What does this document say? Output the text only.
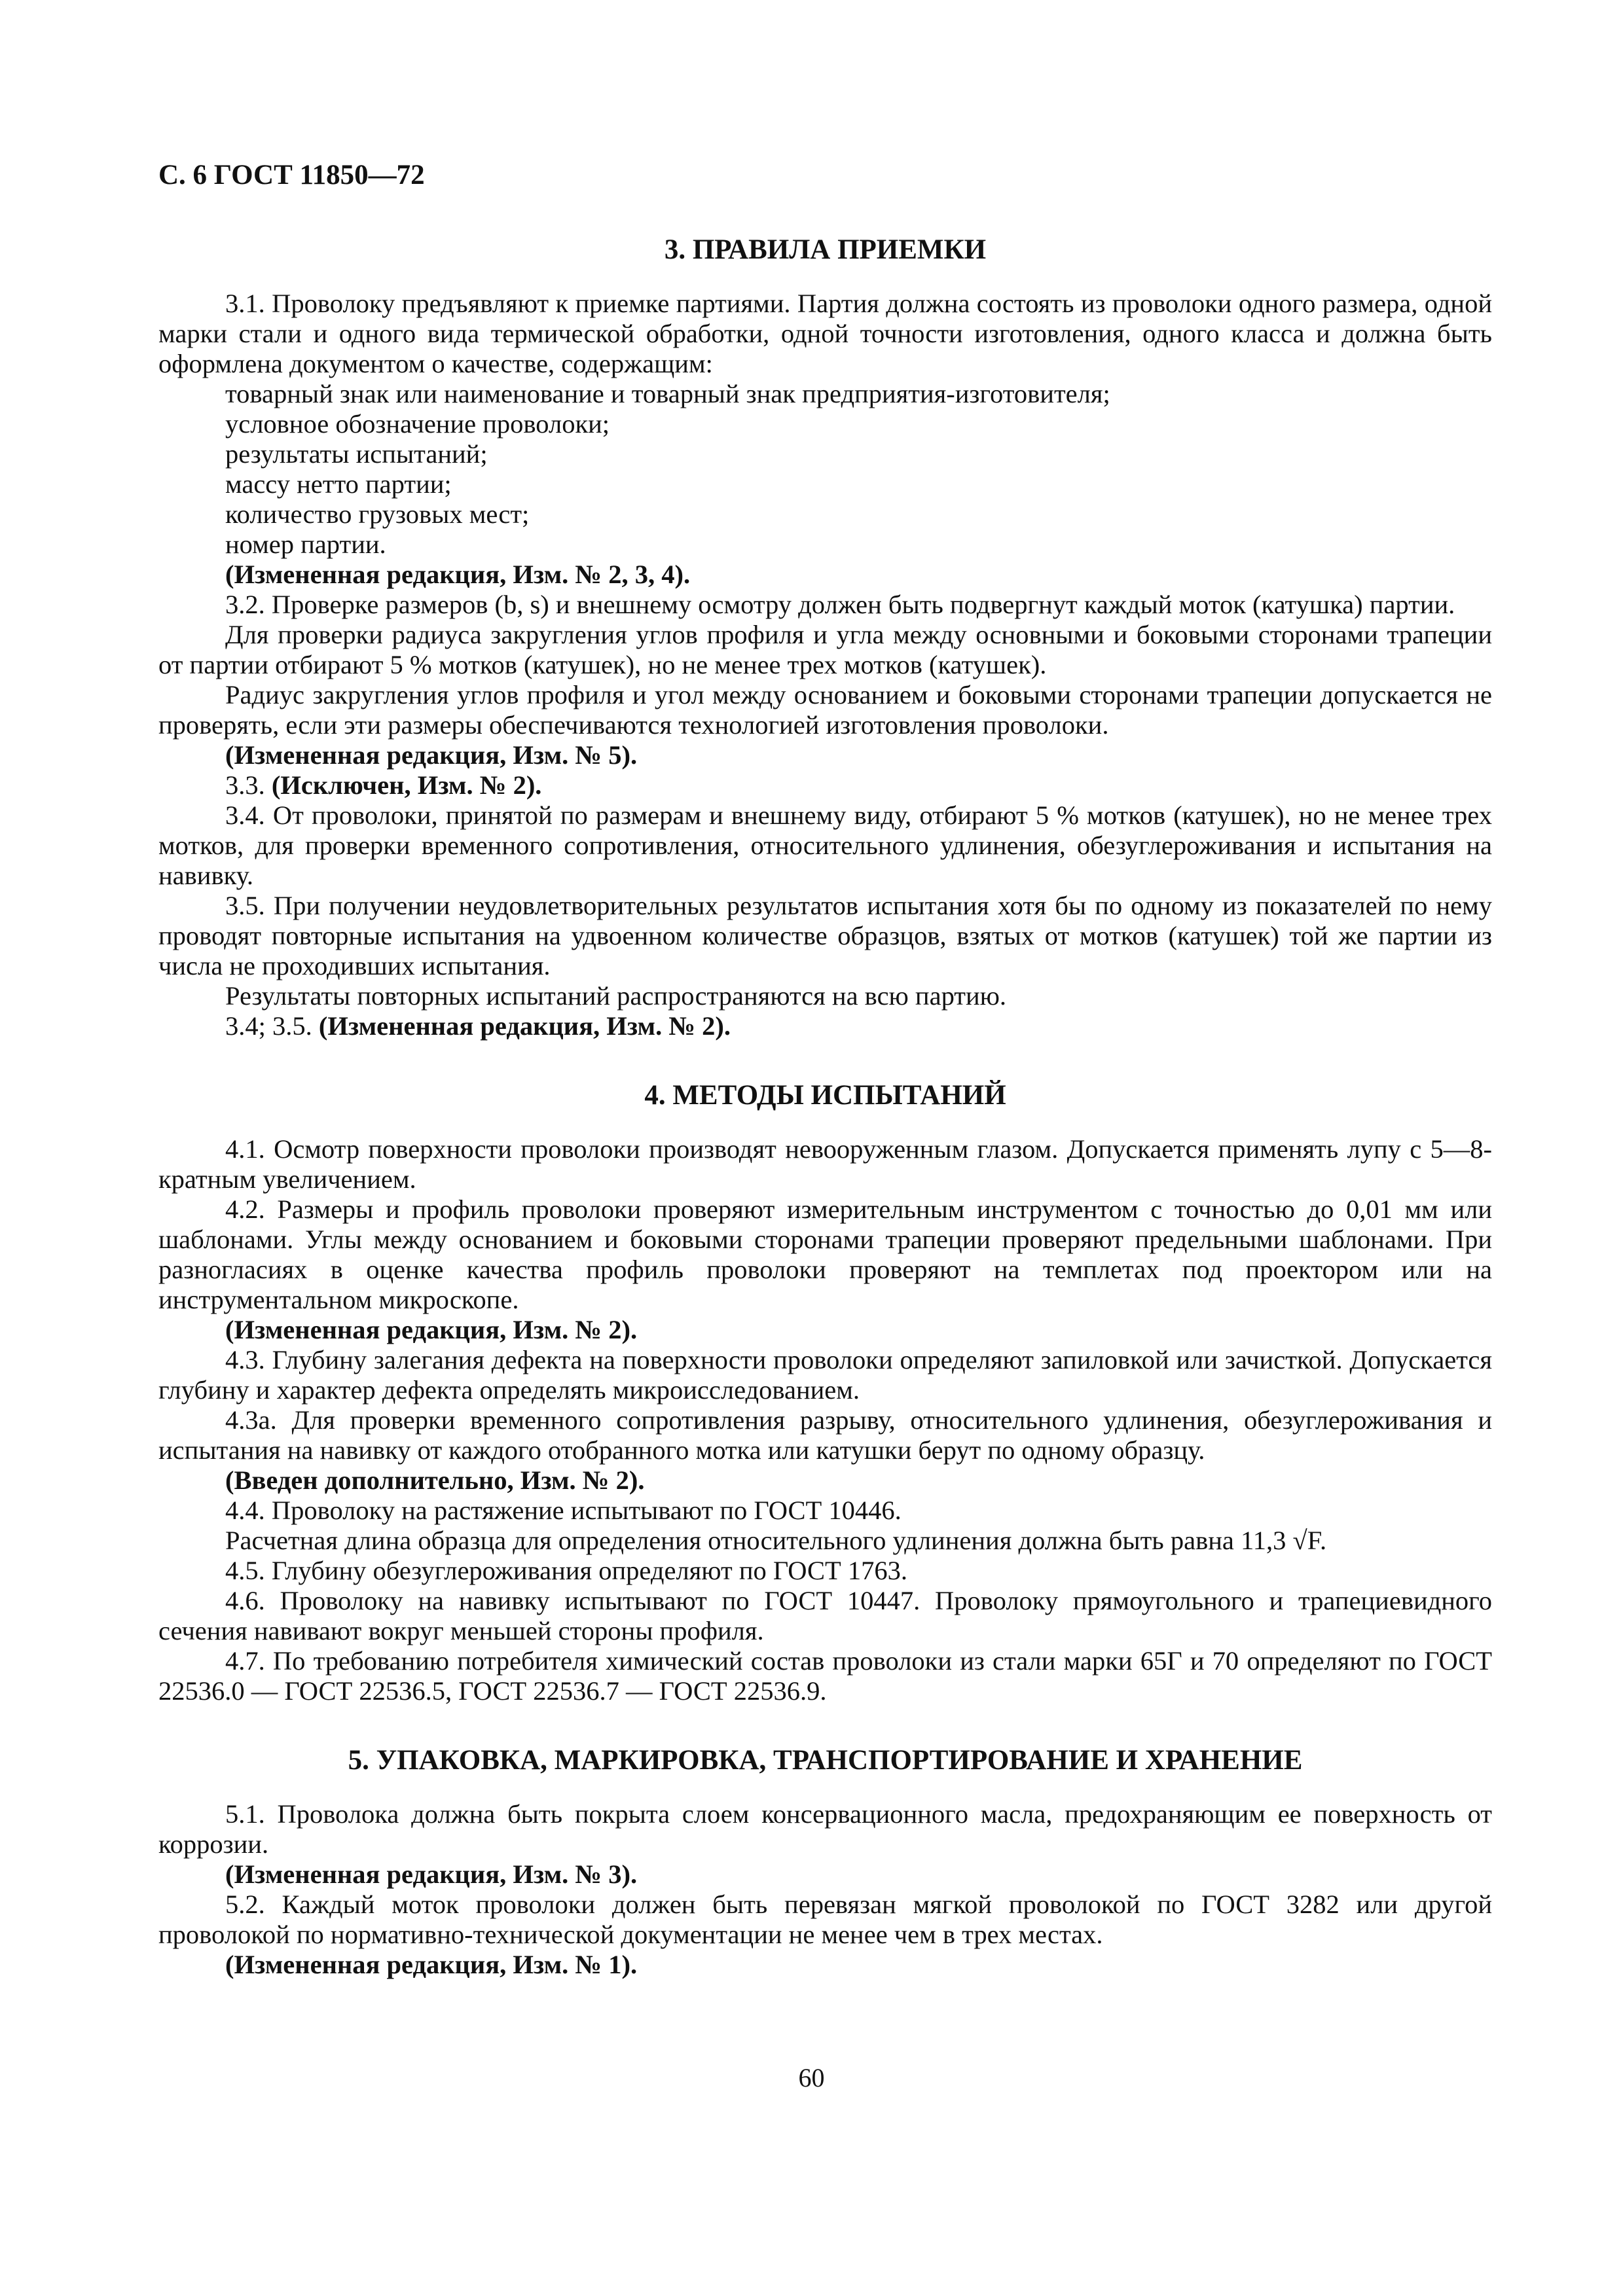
С. 6 ГОСТ 11850—72
3. ПРАВИЛА ПРИЕМКИ

3.1. Проволоку предъявляют к приемке партиями. Партия должна состоять из проволоки одного размера, одной марки стали и одного вида термической обработки, одной точности изготовления, одного класса и должна быть оформлена документом о качестве, содержащим:

товарный знак или наименование и товарный знак предприятия-изготовителя;

условное обозначение проволоки;

результаты испытаний;

массу нетто партии;

количество грузовых мест;

номер партии.

(Измененная редакция, Изм. № 2, 3, 4).

3.2. Проверке размеров (b, s) и внешнему осмотру должен быть подвергнут каждый моток (катушка) партии.

Для проверки радиуса закругления углов профиля и угла между основными и боковыми сторонами трапеции от партии отбирают 5 % мотков (катушек), но не менее трех мотков (катушек).

Радиус закругления углов профиля и угол между основанием и боковыми сторонами трапеции допускается не проверять, если эти размеры обеспечиваются технологией изготовления проволоки.

(Измененная редакция, Изм. № 5).

3.3. (Исключен, Изм. № 2).

3.4. От проволоки, принятой по размерам и внешнему виду, отбирают 5 % мотков (катушек), но не менее трех мотков, для проверки временного сопротивления, относительного удлинения, обезуглероживания и испытания на навивку.

3.5. При получении неудовлетворительных результатов испытания хотя бы по одному из показателей по нему проводят повторные испытания на удвоенном количестве образцов, взятых от мотков (катушек) той же партии из числа не проходивших испытания.

Результаты повторных испытаний распространяются на всю партию.

3.4; 3.5. (Измененная редакция, Изм. № 2).

4. МЕТОДЫ ИСПЫТАНИЙ

4.1. Осмотр поверхности проволоки производят невооруженным глазом. Допускается применять лупу с 5—8-кратным увеличением.

4.2. Размеры и профиль проволоки проверяют измерительным инструментом с точностью до 0,01 мм или шаблонами. Углы между основанием и боковыми сторонами трапеции проверяют предельными шаблонами. При разногласиях в оценке качества профиль проволоки проверяют на темплетах под проектором или на инструментальном микроскопе.

(Измененная редакция, Изм. № 2).

4.3. Глубину залегания дефекта на поверхности проволоки определяют запиловкой или зачисткой. Допускается глубину и характер дефекта определять микроисследованием.

4.3а. Для проверки временного сопротивления разрыву, относительного удлинения, обезуглероживания и испытания на навивку от каждого отобранного мотка или катушки берут по одному образцу.

(Введен дополнительно, Изм. № 2).

4.4. Проволоку на растяжение испытывают по ГОСТ 10446.

Расчетная длина образца для определения относительного удлинения должна быть равна 11,3 √F.

4.5. Глубину обезуглероживания определяют по ГОСТ 1763.

4.6. Проволоку на навивку испытывают по ГОСТ 10447. Проволоку прямоугольного и трапециевидного сечения навивают вокруг меньшей стороны профиля.

4.7. По требованию потребителя химический состав проволоки из стали марки 65Г и 70 определяют по ГОСТ 22536.0 — ГОСТ 22536.5, ГОСТ 22536.7 — ГОСТ 22536.9.

5. УПАКОВКА, МАРКИРОВКА, ТРАНСПОРТИРОВАНИЕ И ХРАНЕНИЕ

5.1. Проволока должна быть покрыта слоем консервационного масла, предохраняющим ее поверхность от коррозии.

(Измененная редакция, Изм. № 3).

5.2. Каждый моток проволоки должен быть перевязан мягкой проволокой по ГОСТ 3282 или другой проволокой по нормативно-технической документации не менее чем в трех местах.

(Измененная редакция, Изм. № 1).

60
